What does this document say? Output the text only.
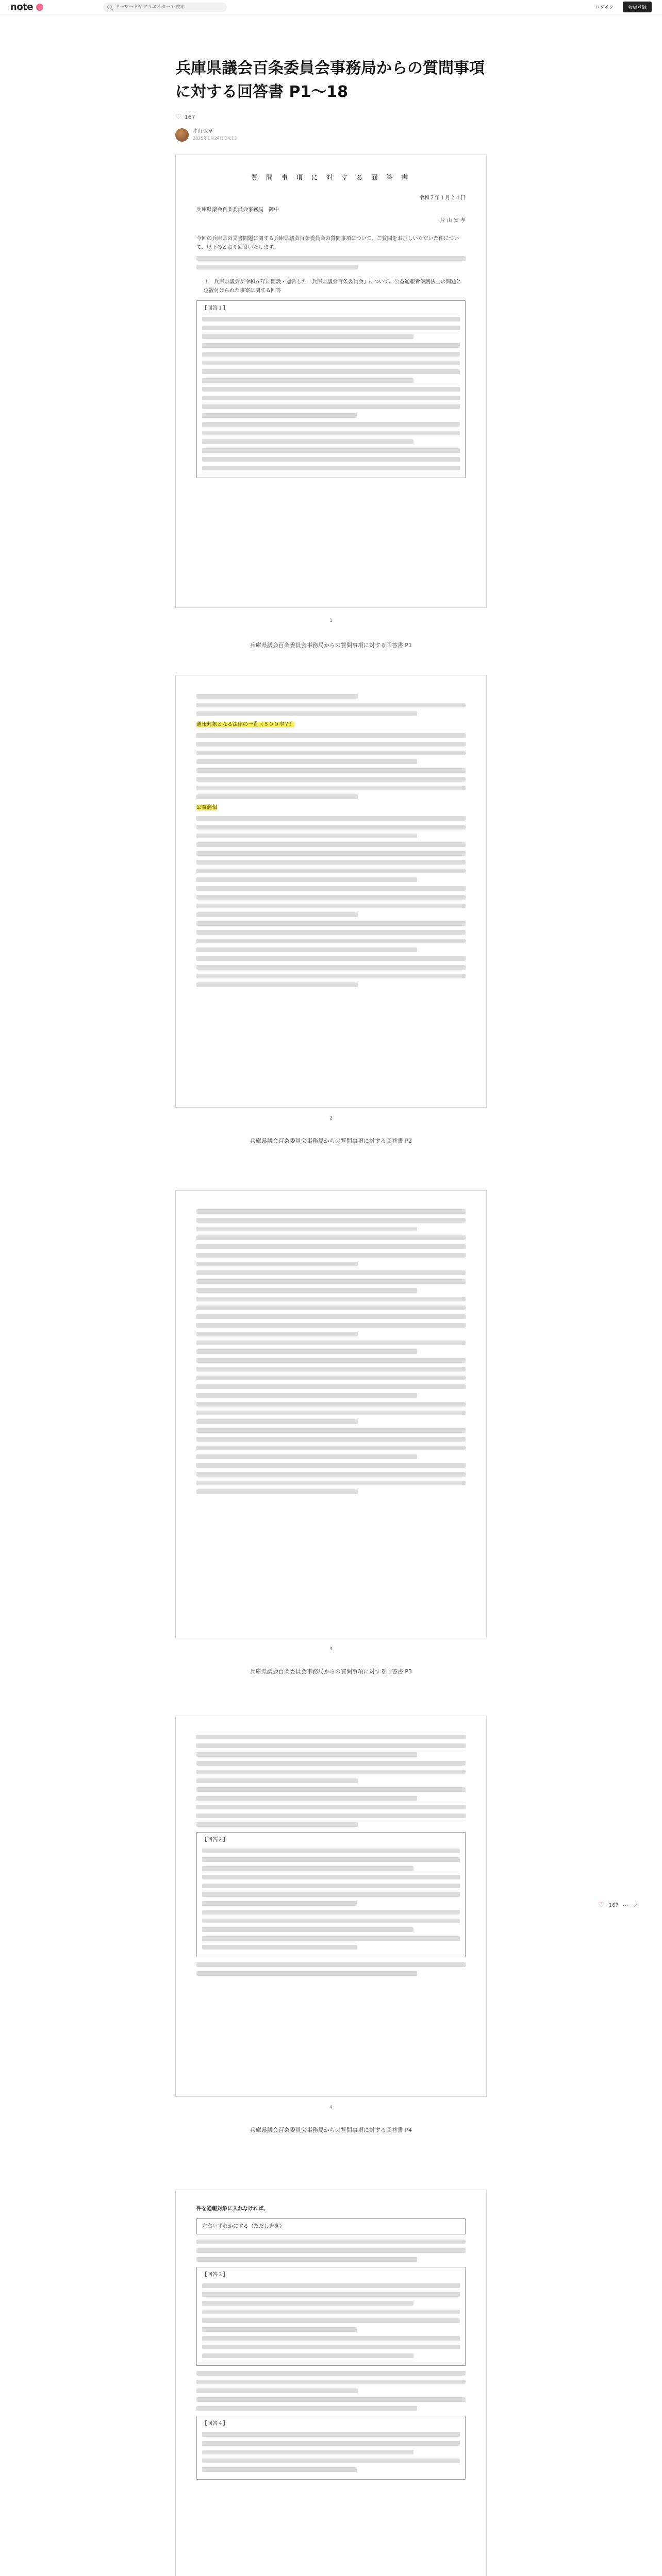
note
キーワードやクリエイターで検索	ログイン	会員登録
兵庫県議会百条委員会事務局からの質問事項に対する回答書 P1～18
♡ 167
片山 安孝
2025年1月24日 14:13
質 問 事 項 に 対 す る 回 答 書
令和７年１月２４日
兵庫県議会百条委員会事務局　御中
片 山 安 孝

今回の兵庫県の文書問題に関する兵庫県議会百条委員会の質問事項について、ご質問をお示しいただいた件について、以下のとおり回答いたします。

１　兵庫県議会が令和６年に開設・運営した「兵庫県議会百条委員会」について、公益通報者保護法上の問題と位置付けられた事案に関する回答

【回答１】
1
兵庫県議会百条委員会事務局からの質問事項に対する回答書 P1
通報対象となる法律の一覧（５００本？）
公益通報
2
兵庫県議会百条委員会事務局からの質問事項に対する回答書 P2
3
兵庫県議会百条委員会事務局からの質問事項に対する回答書 P3
【回答２】
4
兵庫県議会百条委員会事務局からの質問事項に対する回答書 P4
件を通報対象に入れなければ、
左右いずれかにする（ただし書き）
【回答３】
【回答４】
♡ 167 ⋯ ↗
